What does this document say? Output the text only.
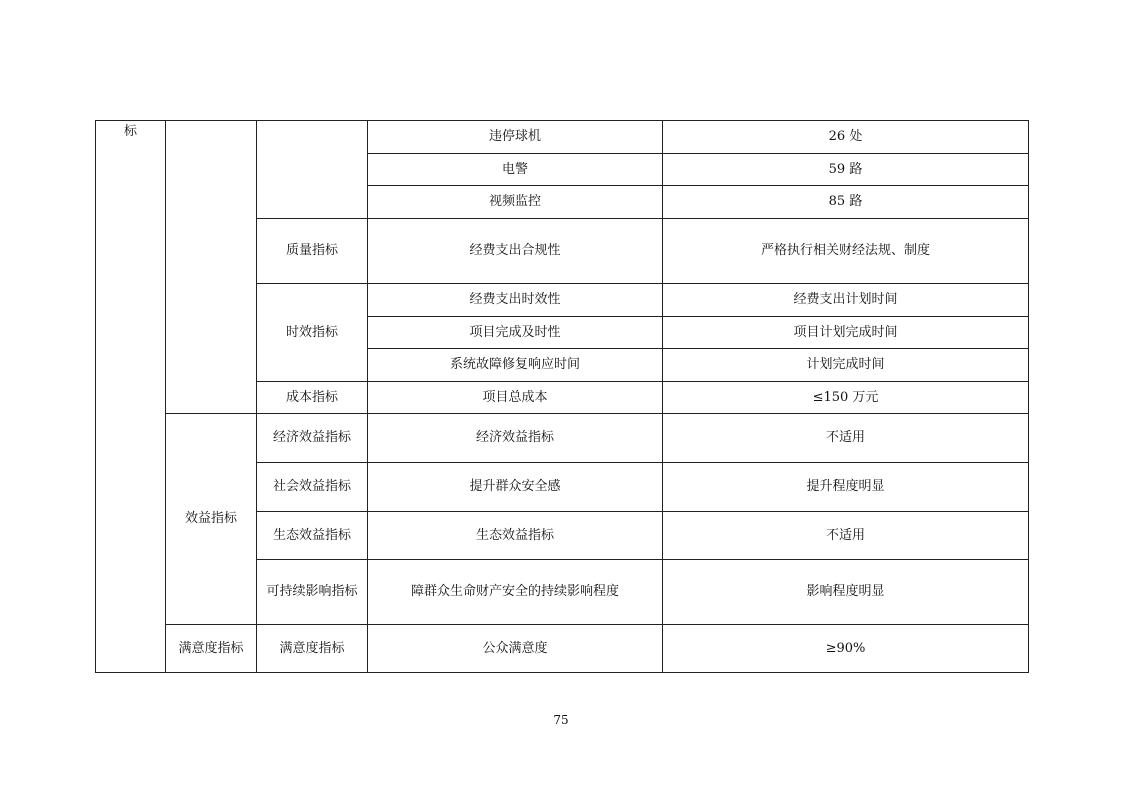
标			违停球机	26 处
			电警	59 路
			视频监控	85 路
		质量指标	经费支出合规性	严格执行相关财经法规、制度
		时效指标	经费支出时效性	经费支出计划时间
			项目完成及时性	项目计划完成时间
			系统故障修复响应时间	计划完成时间
		成本指标	项目总成本	≤150 万元
	效益指标	经济效益指标	经济效益指标	不适用
		社会效益指标	提升群众安全感	提升程度明显
		生态效益指标	生态效益指标	不适用
		可持续影响指标	障群众生命财产安全的持续影响程度	影响程度明显
	满意度指标	满意度指标	公众满意度	≥90%
75
